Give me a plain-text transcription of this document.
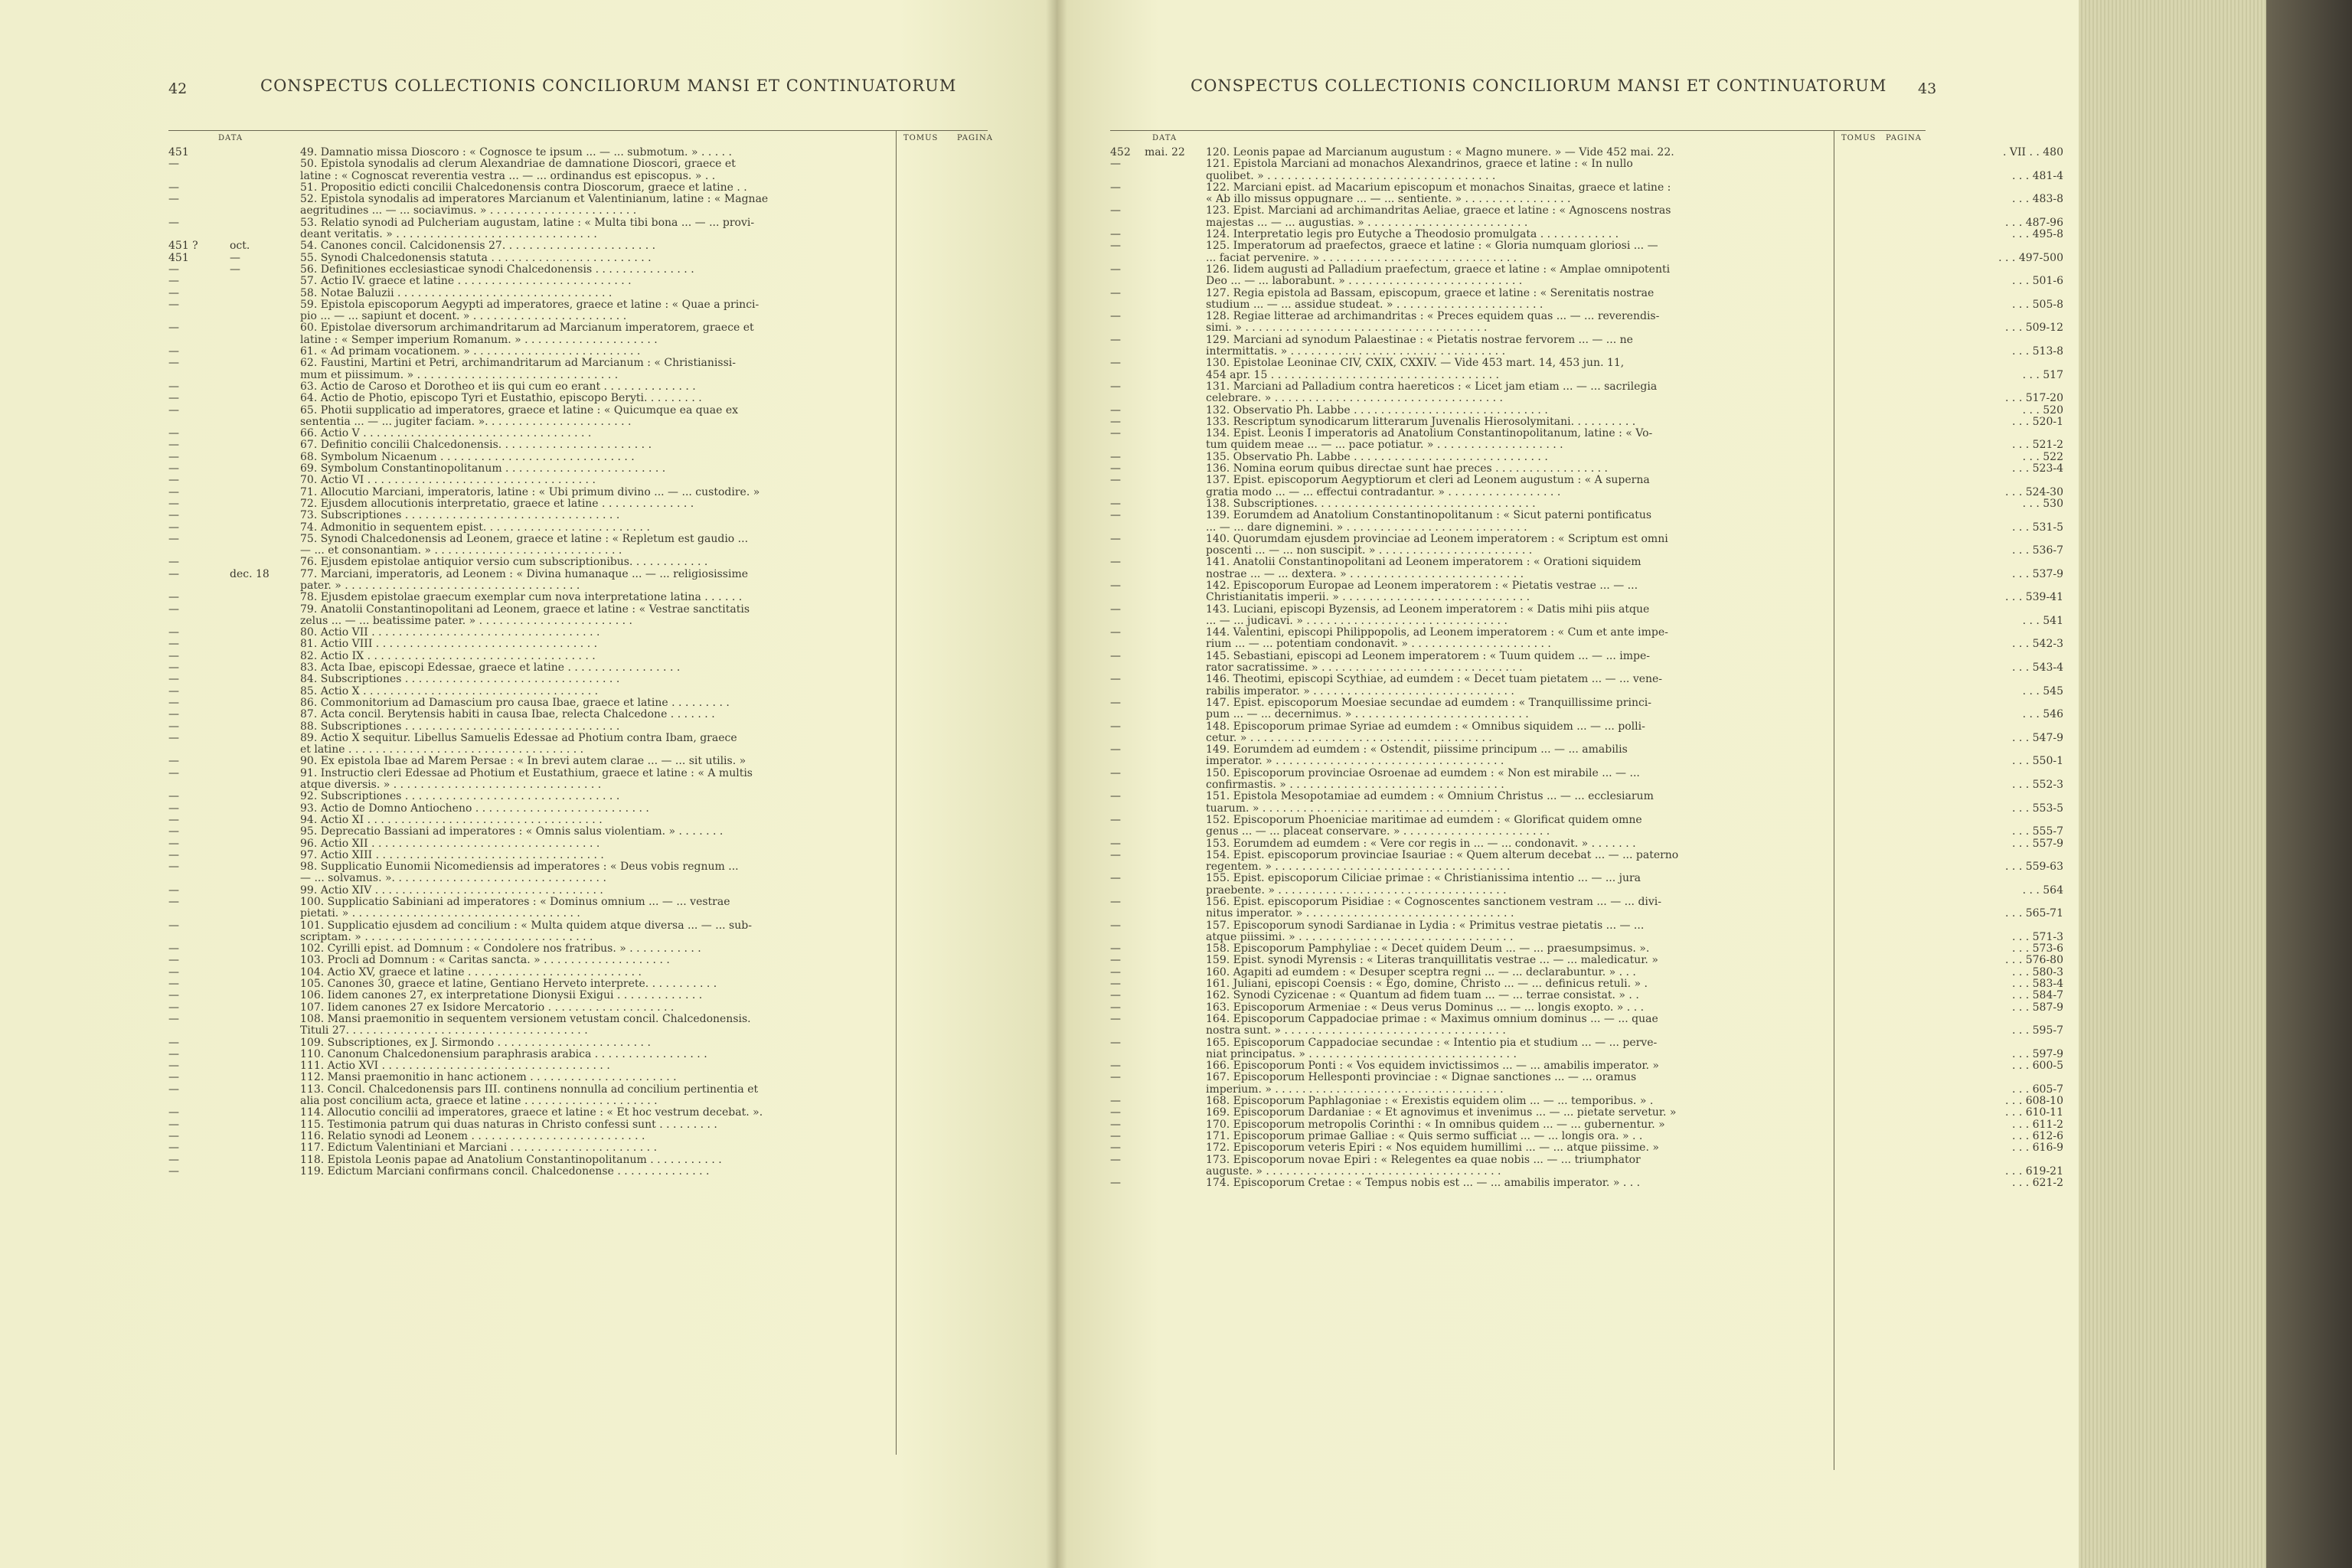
42	CONSPECTUS COLLECTIONIS CONCILIORUM MANSI ET CONTINUATORUM
DATA	TOMUS PAGINA
451	49. Damnatio missa Dioscoro : « Cognosce te ipsum ... — ... submotum. » . . . . .
—	50. Epistola synodalis ad clerum Alexandriae de damnatione Dioscori, graece et
latine : « Cognoscat reverentia vestra ... — ... ordinandus est episcopus. » . .
—	51. Propositio edicti concilii Chalcedonensis contra Dioscorum, graece et latine . .
—	52. Epistola synodalis ad imperatores Marcianum et Valentinianum, latine : « Magnae
aegritudines ... — ... sociavimus. » . . . . . . . . . . . . . . . . . . . . . .
—	53. Relatio synodi ad Pulcheriam augustam, latine : « Multa tibi bona ... — ... provi-
deant veritatis. » . . . . . . . . . . . . . . . . . . . . . . . . . . . . . .
451 ?	oct.	54. Canones concil. Calcidonensis 27. . . . . . . . . . . . . . . . . . . . . . .
451	—	55. Synodi Chalcedonensis statuta . . . . . . . . . . . . . . . . . . . . . . . .
—	—	56. Definitiones ecclesiasticae synodi Chalcedonensis . . . . . . . . . . . . . . .
—	57. Actio IV. graece et latine . . . . . . . . . . . . . . . . . . . . . . . . . .
—	58. Notae Baluzii . . . . . . . . . . . . . . . . . . . . . . . . . . . . . . . .
—	59. Epistola episcoporum Aegypti ad imperatores, graece et latine : « Quae a princi-
pio ... — ... sapiunt et docent. » . . . . . . . . . . . . . . . . . . . . . . .
—	60. Epistolae diversorum archimandritarum ad Marcianum imperatorem, graece et
latine : « Semper imperium Romanum. » . . . . . . . . . . . . . . . . . . . .
—	61. « Ad primam vocationem. » . . . . . . . . . . . . . . . . . . . . . . . . .
—	62. Faustini, Martini et Petri, archimandritarum ad Marcianum : « Christianissi-
mum et piissimum. » . . . . . . . . . . . . . . . . . . . . . . . . . . . . . .
—	63. Actio de Caroso et Dorotheo et iis qui cum eo erant . . . . . . . . . . . . . .
—	64. Actio de Photio, episcopo Tyri et Eustathio, episcopo Beryti. . . . . . . . .
—	65. Photii supplicatio ad imperatores, graece et latine : « Quicumque ea quae ex
sententia ... — ... jugiter faciam. ». . . . . . . . . . . . . . . . . . . . . .
—	66. Actio V . . . . . . . . . . . . . . . . . . . . . . . . . . . . . . . . . .
—	67. Definitio concilii Chalcedonensis. . . . . . . . . . . . . . . . . . . . . . .
—	68. Symbolum Nicaenum . . . . . . . . . . . . . . . . . . . . . . . . . . . . .
—	69. Symbolum Constantinopolitanum . . . . . . . . . . . . . . . . . . . . . . . .
—	70. Actio VI . . . . . . . . . . . . . . . . . . . . . . . . . . . . . . . . . .
—	71. Allocutio Marciani, imperatoris, latine : « Ubi primum divino ... — ... custodire. »
—	72. Ejusdem allocutionis interpretatio, graece et latine . . . . . . . . . . . . . .
—	73. Subscriptiones . . . . . . . . . . . . . . . . . . . . . . . . . . . . . . . .
—	74. Admonitio in sequentem epist. . . . . . . . . . . . . . . . . . . . . . . . .
—	75. Synodi Chalcedonensis ad Leonem, graece et latine : « Repletum est gaudio ...
— ... et consonantiam. » . . . . . . . . . . . . . . . . . . . . . . . . . . . .
—	76. Ejusdem epistolae antiquior versio cum subscriptionibus. . . . . . . . . . . .
—	dec. 18	77. Marciani, imperatoris, ad Leonem : « Divina humanaque ... — ... religiosissime
pater. » . . . . . . . . . . . . . . . . . . . . . . . . . . . . . . . . . . .
—	78. Ejusdem epistolae graecum exemplar cum nova interpretatione latina . . . . . .
—	79. Anatolii Constantinopolitani ad Leonem, graece et latine : « Vestrae sanctitatis
zelus ... — ... beatissime pater. » . . . . . . . . . . . . . . . . . . . . . . .
—	80. Actio VII . . . . . . . . . . . . . . . . . . . . . . . . . . . . . . . . . .
—	81. Actio VIII . . . . . . . . . . . . . . . . . . . . . . . . . . . . . . . . .
—	82. Actio IX . . . . . . . . . . . . . . . . . . . . . . . . . . . . . . . . . .
—	83. Acta Ibae, episcopi Edessae, graece et latine . . . . . . . . . . . . . . . . .
—	84. Subscriptiones . . . . . . . . . . . . . . . . . . . . . . . . . . . . . . . .
—	85. Actio X . . . . . . . . . . . . . . . . . . . . . . . . . . . . . . . . . . .
—	86. Commonitorium ad Damascium pro causa Ibae, graece et latine . . . . . . . . .
—	87. Acta concil. Berytensis habiti in causa Ibae, relecta Chalcedone . . . . . . .
—	88. Subscriptiones . . . . . . . . . . . . . . . . . . . . . . . . . . . . . . . .
—	89. Actio X sequitur. Libellus Samuelis Edessae ad Photium contra Ibam, graece
et latine . . . . . . . . . . . . . . . . . . . . . . . . . . . . . . . . . . .
—	90. Ex epistola Ibae ad Marem Persae : « In brevi autem clarae ... — ... sit utilis. »
—	91. Instructio cleri Edessae ad Photium et Eustathium, graece et latine : « A multis
atque diversis. » . . . . . . . . . . . . . . . . . . . . . . . . . . . . . . .
—	92. Subscriptiones . . . . . . . . . . . . . . . . . . . . . . . . . . . . . . . .
—	93. Actio de Domno Antiocheno . . . . . . . . . . . . . . . . . . . . . . . . . .
—	94. Actio XI . . . . . . . . . . . . . . . . . . . . . . . . . . . . . . . . . . .
—	95. Deprecatio Bassiani ad imperatores : « Omnis salus violentiam. » . . . . . . .
—	96. Actio XII . . . . . . . . . . . . . . . . . . . . . . . . . . . . . . . . . .
—	97. Actio XIII . . . . . . . . . . . . . . . . . . . . . . . . . . . . . . . . . .
—	98. Supplicatio Eunomii Nicomediensis ad imperatores : « Deus vobis regnum ...
— ... solvamus. ». . . . . . . . . . . . . . . . . . . . . . . . . . . . . . . .
—	99. Actio XIV . . . . . . . . . . . . . . . . . . . . . . . . . . . . . . . . . .
—	100. Supplicatio Sabiniani ad imperatores : « Dominus omnium ... — ... vestrae
pietati. » . . . . . . . . . . . . . . . . . . . . . . . . . . . . . . . . . .
—	101. Supplicatio ejusdem ad concilium : « Multa quidem atque diversa ... — ... sub-
scriptam. » . . . . . . . . . . . . . . . . . . . . . . . . . . . . . . . . . .
—	102. Cyrilli epist. ad Domnum : « Condolere nos fratribus. » . . . . . . . . . . .
—	103. Procli ad Domnum : « Caritas sancta. » . . . . . . . . . . . . . . . . . . .
—	104. Actio XV, graece et latine . . . . . . . . . . . . . . . . . . . . . . . . . .
—	105. Canones 30, graece et latine, Gentiano Herveto interprete. . . . . . . . . . .
—	106. Iidem canones 27, ex interpretatione Dionysii Exigui . . . . . . . . . . . . .
—	107. Iidem canones 27 ex Isidore Mercatorio . . . . . . . . . . . . . . . . . . .
—	108. Mansi praemonitio in sequentem versionem vetustam concil. Chalcedonensis.
Tituli 27. . . . . . . . . . . . . . . . . . . . . . . . . . . . . . . . . . . .
—	109. Subscriptiones, ex J. Sirmondo . . . . . . . . . . . . . . . . . . . . . . .
—	110. Canonum Chalcedonensium paraphrasis arabica . . . . . . . . . . . . . . . . .
—	111. Actio XVI . . . . . . . . . . . . . . . . . . . . . . . . . . . . . . . . . .
—	112. Mansi praemonitio in hanc actionem . . . . . . . . . . . . . . . . . . . . . .
—	113. Concil. Chalcedonensis pars III. continens nonnulla ad concilium pertinentia et
alia post concilium acta, graece et latine . . . . . . . . . . . . . . . . . . . .
—	114. Allocutio concilii ad imperatores, graece et latine : « Et hoc vestrum decebat. ».
—	115. Testimonia patrum qui duas naturas in Christo confessi sunt . . . . . . . . .
—	116. Relatio synodi ad Leonem . . . . . . . . . . . . . . . . . . . . . . . . . .
—	117. Edictum Valentiniani et Marciani . . . . . . . . . . . . . . . . . . . . . .
—	118. Epistola Leonis papae ad Anatolium Constantinopolitanum . . . . . . . . . . .
—	119. Edictum Marciani confirmans concil. Chalcedonense . . . . . . . . . . . . . .
CONSPECTUS COLLECTIONIS CONCILIORUM MANSI ET CONTINUATORUM 43
DATA	TOMUS PAGINA
452	mai. 22	120. Leonis papae ad Marcianum augustum : « Magno munere. » — Vide 452 mai. 22.	. VII . . 480
—	121. Epistola Marciani ad monachos Alexandrinos, graece et latine : « In nullo
quolibet. » . . . . . . . . . . . . . . . . . . . . . . . . . . . . . . . . . .	. . . 481-4
—	122. Marciani epist. ad Macarium episcopum et monachos Sinaitas, graece et latine :
« Ab illo missus oppugnare ... — ... sentiente. » . . . . . . . . . . . . . . . .	. . . 483-8
—	123. Epist. Marciani ad archimandritas Aeliae, graece et latine : « Agnoscens nostras
majestas ... — ... augustias. » . . . . . . . . . . . . . . . . . . . . . . . .	. . . 487-96
—	124. Interpretatio legis pro Eutyche a Theodosio promulgata . . . . . . . . . . . .	. . . 495-8
—	125. Imperatorum ad praefectos, graece et latine : « Gloria numquam gloriosi ... —
... faciat pervenire. » . . . . . . . . . . . . . . . . . . . . . . . . . . . . .	. . . 497-500
—	126. Iidem augusti ad Palladium praefectum, graece et latine : « Amplae omnipotenti
Deo ... — ... laborabunt. » . . . . . . . . . . . . . . . . . . . . . . . . . .	. . . 501-6
—	127. Regia epistola ad Bassam, episcopum, graece et latine : « Serenitatis nostrae
studium ... — ... assidue studeat. » . . . . . . . . . . . . . . . . . . . . . .	. . . 505-8
—	128. Regiae litterae ad archimandritas : « Preces equidem quas ... — ... reverendis-
simi. » . . . . . . . . . . . . . . . . . . . . . . . . . . . . . . . . . . . .	. . . 509-12
—	129. Marciani ad synodum Palaestinae : « Pietatis nostrae fervorem ... — ... ne
intermittatis. » . . . . . . . . . . . . . . . . . . . . . . . . . . . . . . . .	. . . 513-8
—	130. Epistolae Leoninae CIV, CXIX, CXXIV. — Vide 453 mart. 14, 453 jun. 11,
454 apr. 15 . . . . . . . . . . . . . . . . . . . . . . . . . . . . . . . . . .	. . . 517
—	131. Marciani ad Palladium contra haereticos : « Licet jam etiam ... — ... sacrilegia
celebrare. » . . . . . . . . . . . . . . . . . . . . . . . . . . . . . . . . . .	. . . 517-20
—	132. Observatio Ph. Labbe . . . . . . . . . . . . . . . . . . . . . . . . . . . . .	. . . 520
—	133. Rescriptum synodicarum litterarum Juvenalis Hierosolymitani. . . . . . . . . .	. . . 520-1
—	134. Epist. Leonis I imperatoris ad Anatolium Constantinopolitanum, latine : « Vo-
tum quidem meae ... — ... pace potiatur. » . . . . . . . . . . . . . . . . . . .	. . . 521-2
—	135. Observatio Ph. Labbe . . . . . . . . . . . . . . . . . . . . . . . . . . . . .	. . . 522
—	136. Nomina eorum quibus directae sunt hae preces . . . . . . . . . . . . . . . . .	. . . 523-4
—	137. Epist. episcoporum Aegyptiorum et cleri ad Leonem augustum : « A superna
gratia modo ... — ... effectui contradantur. » . . . . . . . . . . . . . . . . .	. . . 524-30
—	138. Subscriptiones. . . . . . . . . . . . . . . . . . . . . . . . . . . . . . . . .	. . . 530
—	139. Eorumdem ad Anatolium Constantinopolitanum : « Sicut paterni pontificatus
... — ... dare dignemini. » . . . . . . . . . . . . . . . . . . . . . . . . . . .	. . . 531-5
—	140. Quorumdam ejusdem provinciae ad Leonem imperatorem : « Scriptum est omni
poscenti ... — ... non suscipit. » . . . . . . . . . . . . . . . . . . . . . . .	. . . 536-7
—	141. Anatolii Constantinopolitani ad Leonem imperatorem : « Orationi siquidem
nostrae ... — ... dextera. » . . . . . . . . . . . . . . . . . . . . . . . . . .	. . . 537-9
—	142. Episcoporum Europae ad Leonem imperatorem : « Pietatis vestrae ... — ...
Christianitatis imperii. » . . . . . . . . . . . . . . . . . . . . . . . . . . . .	. . . 539-41
—	143. Luciani, episcopi Byzensis, ad Leonem imperatorem : « Datis mihi piis atque
... — ... judicavi. » . . . . . . . . . . . . . . . . . . . . . . . . . . . . . .	. . . 541
—	144. Valentini, episcopi Philippopolis, ad Leonem imperatorem : « Cum et ante impe-
rium ... — ... potentiam condonavit. » . . . . . . . . . . . . . . . . . . . . .	. . . 542-3
—	145. Sebastiani, episcopi ad Leonem imperatorem : « Tuum quidem ... — ... impe-
rator sacratissime. » . . . . . . . . . . . . . . . . . . . . . . . . . . . . . .	. . . 543-4
—	146. Theotimi, episcopi Scythiae, ad eumdem : « Decet tuam pietatem ... — ... vene-
rabilis imperator. » . . . . . . . . . . . . . . . . . . . . . . . . . . . . . .	. . . 545
—	147. Epist. episcoporum Moesiae secundae ad eumdem : « Tranquillissime princi-
pum ... — ... decernimus. » . . . . . . . . . . . . . . . . . . . . . . . . . .	. . . 546
—	148. Episcoporum primae Syriae ad eumdem : « Omnibus siquidem ... — ... polli-
cetur. » . . . . . . . . . . . . . . . . . . . . . . . . . . . . . . . . . . . .	. . . 547-9
—	149. Eorumdem ad eumdem : « Ostendit, piissime principum ... — ... amabilis
imperator. » . . . . . . . . . . . . . . . . . . . . . . . . . . . . . . . . . .	. . . 550-1
—	150. Episcoporum provinciae Osroenae ad eumdem : « Non est mirabile ... — ...
confirmastis. » . . . . . . . . . . . . . . . . . . . . . . . . . . . . . . . .	. . . 552-3
—	151. Epistola Mesopotamiae ad eumdem : « Omnium Christus ... — ... ecclesiarum
tuarum. » . . . . . . . . . . . . . . . . . . . . . . . . . . . . . . . . . . .	. . . 553-5
—	152. Episcoporum Phoeniciae maritimae ad eumdem : « Glorificat quidem omne
genus ... — ... placeat conservare. » . . . . . . . . . . . . . . . . . . . . . .	. . . 555-7
—	153. Eorumdem ad eumdem : « Vere cor regis in ... — ... condonavit. » . . . . . . .	. . . 557-9
—	154. Epist. episcoporum provinciae Isauriae : « Quem alterum decebat ... — ... paterno
regentem. » . . . . . . . . . . . . . . . . . . . . . . . . . . . . . . . . . . .	. . . 559-63
—	155. Epist. episcoporum Ciliciae primae : « Christianissima intentio ... — ... jura
praebente. » . . . . . . . . . . . . . . . . . . . . . . . . . . . . . . . . . .	. . . 564
—	156. Epist. episcoporum Pisidiae : « Cognoscentes sanctionem vestram ... — ... divi-
nitus imperator. » . . . . . . . . . . . . . . . . . . . . . . . . . . . . . . .	. . . 565-71
—	157. Episcoporum synodi Sardianae in Lydia : « Primitus vestrae pietatis ... — ...
atque piissimi. » . . . . . . . . . . . . . . . . . . . . . . . . . . . . . . . .	. . . 571-3
—	158. Episcoporum Pamphyliae : « Decet quidem Deum ... — ... praesumpsimus. ».	. . . 573-6
—	159. Epist. synodi Myrensis : « Literas tranquillitatis vestrae ... — ... maledicatur. »	. . . 576-80
—	160. Agapiti ad eumdem : « Desuper sceptra regni ... — ... declarabuntur. » . . .	. . . 580-3
—	161. Juliani, episcopi Coensis : « Ego, domine, Christo ... — ... definicus retuli. » .	. . . 583-4
—	162. Synodi Cyzicenae : « Quantum ad fidem tuam ... — ... terrae consistat. » . .	. . . 584-7
—	163. Episcoporum Armeniae : « Deus verus Dominus ... — ... longis exopto. » . . .	. . . 587-9
—	164. Episcoporum Cappadociae primae : « Maximus omnium dominus ... — ... quae
nostra sunt. » . . . . . . . . . . . . . . . . . . . . . . . . . . . . . . . . .	. . . 595-7
—	165. Episcoporum Cappadociae secundae : « Intentio pia et studium ... — ... perve-
niat principatus. » . . . . . . . . . . . . . . . . . . . . . . . . . . . . . . .	. . . 597-9
—	166. Episcoporum Ponti : « Vos equidem invictissimos ... — ... amabilis imperator. »	. . . 600-5
—	167. Episcoporum Hellesponti provinciae : « Dignae sanctiones ... — ... oramus
imperium. » . . . . . . . . . . . . . . . . . . . . . . . . . . . . . . . . . .	. . . 605-7
—	168. Episcoporum Paphlagoniae : « Erexistis equidem olim ... — ... temporibus. » .	. . . 608-10
—	169. Episcoporum Dardaniae : « Et agnovimus et invenimus ... — ... pietate servetur. »	. . . 610-11
—	170. Episcoporum metropolis Corinthi : « In omnibus quidem ... — ... gubernentur. »	. . . 611-2
—	171. Episcoporum primae Galliae : « Quis sermo sufficiat ... — ... longis ora. » . .	. . . 612-6
—	172. Episcoporum veteris Epiri : « Nos equidem humillimi ... — ... atque piissime. »	. . . 616-9
—	173. Episcoporum novae Epiri : « Relegentes ea quae nobis ... — ... triumphator
auguste. » . . . . . . . . . . . . . . . . . . . . . . . . . . . . . . . . . . .	. . . 619-21
—	174. Episcoporum Cretae : « Tempus nobis est ... — ... amabilis imperator. » . . .	. . . 621-2
